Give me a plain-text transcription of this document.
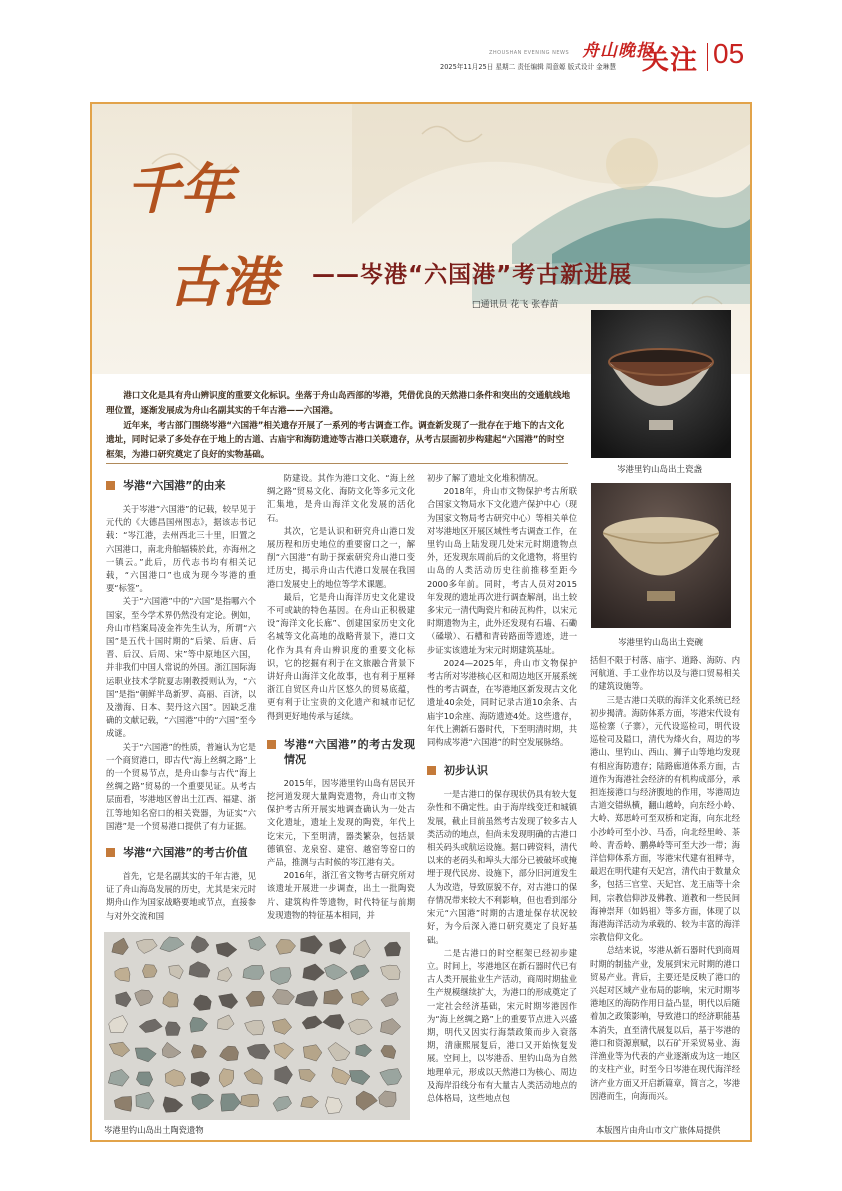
舟山晚报
ZHOUSHAN EVENING NEWS
2025年11月25日 星期二 责任编辑 周意嫄 版式设计 金琳慧 关注 05
千年
古港 ——岑港“六国港”考古新进展
□通讯员 花飞 张春苗
岑港里钓山岛出土瓷盏
岑港里钓山岛出土瓷碗

港口文化是具有舟山辨识度的重要文化标识。坐落于舟山岛西部的岑港，凭借优良的天然港口条件和突出的交通航线地理位置，逐渐发展成为舟山名副其实的千年古港——六国港。

近年来，考古部门围绕岑港“六国港”相关遗存开展了一系列的考古调查工作。调查新发现了一批存在于地下的古文化遗址，同时记录了多处存在于地上的古道、古庙宇和海防遗迹等古港口关联遗存，从考古层面初步构建起“六国港”的时空框架，为港口研究奠定了良好的实物基础。

岑港“六国港”的由来

关于岑港“六国港”的记载，较早见于元代的《大德昌国州图志》，据该志书记载：“岑江港，去州西北三十里，旧置之六国港口，南北舟舶辐辏於此，亦海州之一镇云。”此后，历代志书均有相关记载，“六国港口”也成为现今岑港的重要“标签”。

关于“六国港”中的“六国”是指哪六个国家，至今学术界仍然没有定论。例如，舟山市档案局凌金祚先生认为，所谓“六国”是五代十国时期的“后梁、后唐、后晋、后汉、后周、宋”等中原地区六国，并非我们中国人常说的外国。浙江国际海运职业技术学院夏志刚教授则认为，“六国”是指“朝鲜半岛新罗、高丽、百济，以及渤海、日本、契丹这六国”。因缺乏准确的文献记载，“六国港”中的“六国”至今成谜。

关于“六国港”的性质，普遍认为它是一个商贸港口，即古代“海上丝绸之路”上的一个贸易节点，是舟山参与古代“海上丝绸之路”贸易的一个重要见证。从考古层面看，岑港地区曾出土江西、福建、浙江等地知名窑口的相关瓷器，为证实“六国港”是一个贸易港口提供了有力证据。

岑港“六国港”的考古价值

首先，它是名副其实的千年古港，见证了舟山海岛发展的历史，尤其是宋元时期舟山作为国家战略要地或节点，直接参与对外交流和国

防建设。其作为港口文化、“海上丝绸之路”贸易文化、海防文化等多元文化汇集地，是舟山海洋文化发展的活化石。

其次，它是认识和研究舟山港口发展历程和历史地位的重要窗口之一，解削“六国港”有助于探索研究舟山港口变迁历史，揭示舟山古代港口发展在我国港口发展史上的地位等学术课题。

最后，它是舟山海洋历史文化建设不可或缺的特色基因。在舟山正积极建设“海洋文化长廊”、创建国家历史文化名城等文化高地的战略背景下，港口文化作为具有舟山辨识度的重要文化标识，它的挖掘有利于在文旅融合背景下讲好舟山海洋文化故事，也有利于厘释浙江自贸区舟山片区悠久的贸易底蕴，更有利于让宝贵的文化遗产和城市记忆得到更好地传承与延续。

岑港“六国港”的考古发现情况

2015年，因岑港里钓山岛有居民开挖河道发现大量陶瓷遗物，舟山市文物保护考古所开展实地调查确认为一处古文化遗址，遗址上发现的陶瓷，年代上讫宋元，下至明清，器类繁杂，包括景德镇窑、龙泉窑、建窑、越窑等窑口的产品，推测与古时候的岑江港有关。

2016年，浙江省文物考古研究所对该遗址开展进一步调查，出土一批陶瓷片、建筑构件等遗物，时代特征与前期发现遗物的特征基本相同，并

初步了解了遗址文化堆积情况。

2018年，舟山市文物保护考古所联合国家文物局水下文化遗产保护中心（现为国家文物局考古研究中心）等相关单位对岑港地区开展区域性考古调查工作，在里钓山岛上陆发现几处宋元时期遗物点外，还发现东周前后的文化遗物，将里钓山岛的人类活动历史往前推移至距今2000多年前。同时，考古人员对2015年发现的遗址再次进行调查解剖，出土较多宋元一清代陶瓷片和砖瓦构件，以宋元时期遗物为主，此外还发现有石墙、石磡（磉墩）、石槽和青砖路面等遗迹，进一步证实该遗址为宋元时期建筑基址。

2024—2025年，舟山市文物保护考古所对岑港核心区和周边地区开展系统性的考古调查，在岑港地区新发现古文化遗址40余处，同时记录古道10余条、古庙宇10余座、海防遗迹4处。这些遗存，年代上溯新石器时代，下至明清时期，共同构成岑港“六国港”的时空发展脉络。

初步认识

一是古港口的保存现状仍具有较大复杂性和不确定性。由于海岸线变迁和城镇发展，截止目前虽然考古发现了较多古人类活动的地点，但尚未发现明确的古港口相关码头或航运设施。据口碑资料，清代以来的老码头和埠头大部分已被破坏或掩埋于现代民房、设施下，部分旧河道发生人为改造，导致原貌不存，对古港口的保存情况带来较大不利影响，但也看到部分宋元“六国港”时期的古遗址保存状况较好，为今后深入港口研究奠定了良好基础。

二是古港口的时空框架已经初步建立。时间上，岑港地区在新石器时代已有古人类开展盐业生产活动，商周时期盐业生产规模继续扩大，为港口的形成奠定了一定社会经济基础，宋元时期岑港因作为“海上丝绸之路”上的重要节点进入兴盛期，明代又因实行海禁政策而步入衰落期，清康熙展复后，港口又开始恢复发展。空间上，以岑港岙、里钓山岛为自然地理单元，形成以天然港口为核心、周边及海岸沿线分布有大量古人类活动地点的总体格局，这些地点包

括但不限于村落、庙宇、道路、海防、内河航道、手工业作坊以及与港口贸易相关的建筑设施等。

三是古港口关联的海洋文化系统已经初步揭清。海防体系方面，岑港宋代设有巡检寨（子寨），元代设巡检司，明代设巡检司及隘口，清代为烽火台，周边的岑港山、里钓山、西山、狮子山等地均发现有相应海防遗存；陆路廊道体系方面，古道作为海港社会经济的有机构成部分，承担连接港口与经济腹地的作用，岑港周边古道交错纵横，翻山越岭，向东经小岭、大岭、郑思岭可至双桥和定海，向东北经小沙岭可至小沙、马岙，向北经里岭、茶岭、青岙岭、鹏鼻岭等可至大沙一带；海洋信仰体系方面，岑港宋代建有祖释寺，最迟在明代建有天妃宫，清代由于数量众多，包括三官堂、天妃宫、龙王庙等十余间，宗教信仰涉及佛教、道教和一些民间海神崇拜（如妈祖）等多方面，体现了以海港海洋活动为承载的、较为丰富的海洋宗教信仰文化。

总结来说，岑港从新石器时代到商周时期的制盐产业，发展到宋元时期的港口贸易产业。背后，主要还是反映了港口的兴起对区域产业布局的影响，宋元时期岑港地区的海防作用日益凸显，明代以后随着加之政策影响，导致港口的经济职能基本消失，直至清代展复以后，基于岑港的港口和资源禀赋，以石矿开采贸易业、海洋渔业等为代表的产业逐渐成为这一地区的支柱产业，时至今日岑港在现代海洋经济产业方面又开启新篇章，简言之，岑港因港而生，向海而兴。

岑港里钓山岛出土陶瓷遗物	本版图片由舟山市文广旅体局提供
